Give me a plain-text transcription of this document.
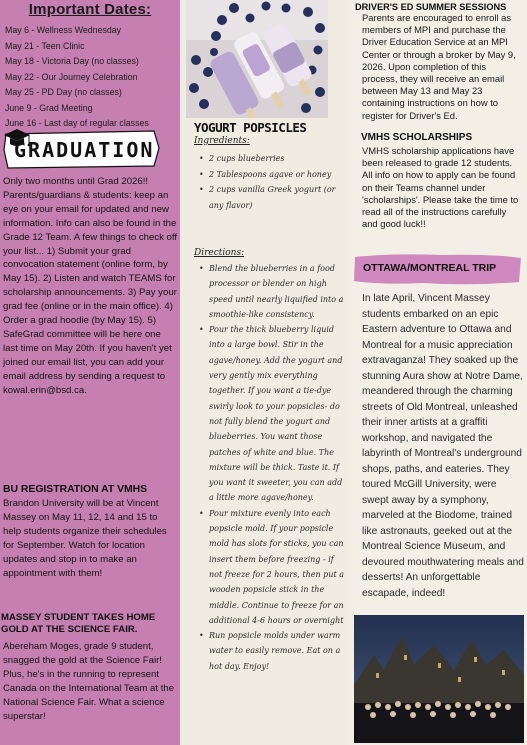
Important Dates:
May 6 - Wellness Wednesday
May 21 - Teen Clinic
May 18 - Victoria Day (no classes)
May 22 - Our Journey Celebration
May 25 - PD Day (no classes)
June 9 - Grad Meeting
June 16 - Last day of regular classes
GRADUATION
Only two months until Grad 2026!! Parents/guardians & students: keep an eye on your email for updated and new information. Info can also be found in the Grade 12 Team. A few things to check off your list... 1) Submit your grad convocation statement (online form, by May 15). 2) Listen and watch TEAMS for scholarship announcements. 3) Pay your grad fee (online or in the main office). 4) Order a grad hoodie (by May 15). 5) SafeGrad committee will be here one last time on May 20th. If you haven't yet joined our email list, you can add your email address by sending a request to kowal.erin@bsd.ca.
BU REGISTRATION AT VMHS
Brandon University will be at Vincent Massey on May 11, 12, 14 and 15 to help students organize their schedules for September. Watch for location updates and stop in to make an appointment with them!
MASSEY STUDENT TAKES HOME GOLD AT THE SCIENCE FAIR.
Abereham Moges, grade 9 student, snagged the gold at the Science Fair! Plus, he's in the running to represent Canada on the International Team at the National Science Fair. What a science superstar!
YOGURT POPSICLES
Ingredients:
• 2 cups blueberries
• 2 Tablespoons agave or honey
• 2 cups vanilla Greek yogurt (or any flavor)
Directions:
• Blend the blueberries in a food processor or blender on high speed until nearly liquified into a smoothie-like consistency.
• Pour the thick blueberry liquid into a large bowl. Stir in the agave/honey. Add the yogurt and very gently mix everything together. If you want a tie-dye swirly look to your popsicles- do not fully blend the yogurt and blueberries. You want those patches of white and blue. The mixture will be thick. Taste it. If you want it sweeter, you can add a little more agave/honey.
• Pour mixture evenly into each popsicle mold. If your popsicle mold has slots for sticks, you can insert them before freezing - if not freeze for 2 hours, then put a wooden popsicle stick in the middle. Continue to freeze for an additional 4-6 hours or overnight
• Run popsicle molds under warm water to easily remove. Eat on a hot day. Enjoy!
DRIVER'S ED SUMMER SESSIONS
Parents are encouraged to enroll as members of MPI and purchase the Driver Education Service at an MPI Center or through a broker by May 9, 2026. Upon completion of this process, they will receive an email between May 13 and May 23 containing instructions on how to register for Driver's Ed.
VMHS SCHOLARSHIPS
VMHS scholarship applications have been released to grade 12 students. All info on how to apply can be found on their Teams channel under 'scholarships'. Please take the time to read all of the instructions carefully and good luck!!
OTTAWA/MONTREAL TRIP
In late April, Vincent Massey students embarked on an epic Eastern adventure to Ottawa and Montreal for a music appreciation extravaganza! They soaked up the stunning Aura show at Notre Dame, meandered through the charming streets of Old Montreal, unleashed their inner artists at a graffiti workshop, and navigated the labyrinth of Montreal's underground shops, paths, and eateries. They toured McGill University, were swept away by a symphony, marveled at the Biodome, trained like astronauts, geeked out at the Montreal Science Museum, and devoured mouthwatering meals and desserts! An unforgettable escapade, indeed!
